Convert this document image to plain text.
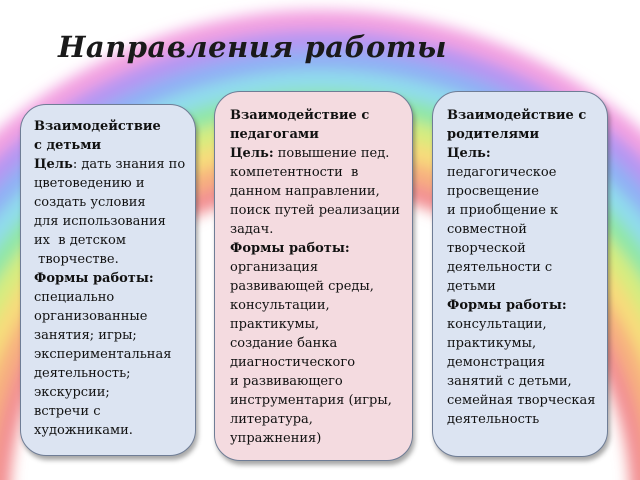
Направления работы
Взаимодействие
с детьми
Цель: дать знания по
цветоведению и
создать условия
для использования
их  в детском
творчестве.
Формы работы:
специально
организованные
занятия; игры;
экспериментальная
деятельность;
экскурсии;
встречи с
художниками.
Взаимодействие с
педагогами
Цель: повышение пед.
компетентности  в
данном направлении,
поиск путей реализации
задач.
Формы работы:
организация
развивающей среды,
консультации,
практикумы,
создание банка
диагностического
и развивающего
инструментария (игры,
литература,
упражнения)
Взаимодействие с
родителями
Цель:
педагогическое
просвещение
и приобщение к
совместной
творческой
деятельности с
детьми
Формы работы:
консультации,
практикумы,
демонстрация
занятий с детьми,
семейная творческая
деятельность
